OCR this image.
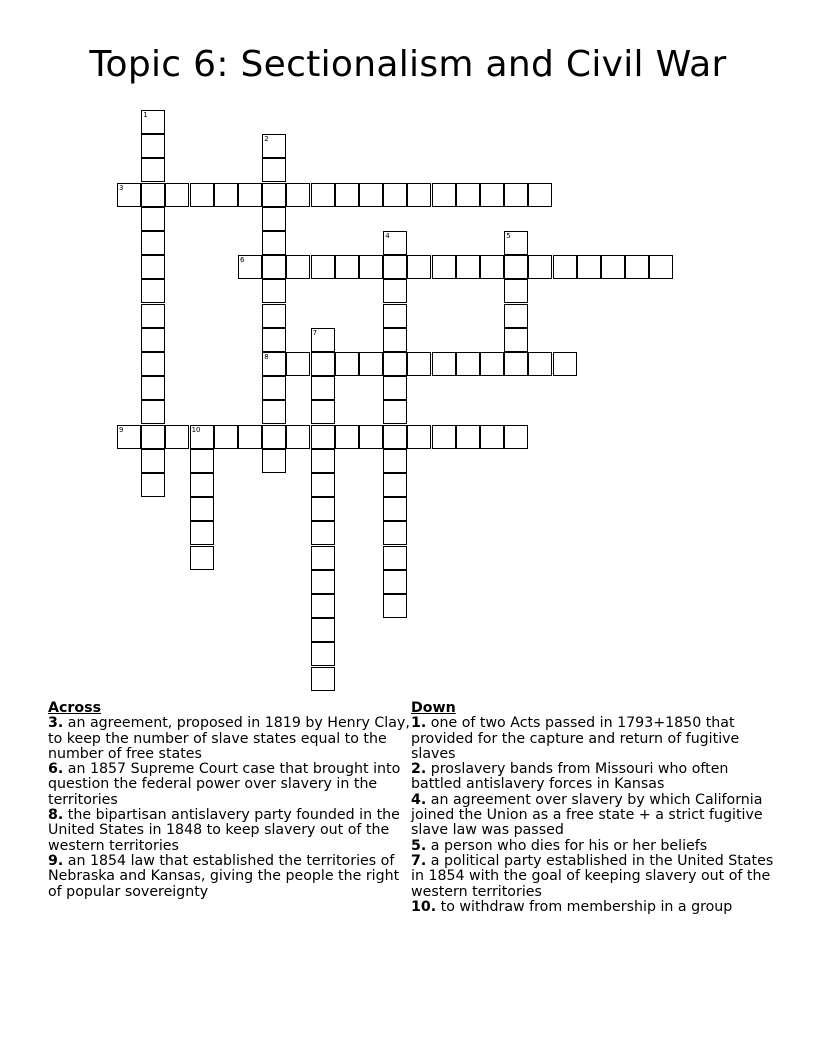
Topic 6: Sectionalism and Civil War
1
2
8
3
4	5
6
7
9	10
Across
3. an agreement, proposed in 1819 by Henry Clay, to keep the number of slave states equal to the number of free states
6. an 1857 Supreme Court case that brought into question the federal power over slavery in the territories
8. the bipartisan antislavery party founded in the United States in 1848 to keep slavery out of the western territories
9. an 1854 law that established the territories of Nebraska and Kansas, giving the people the right of popular sovereignty
Down
1. one of two Acts passed in 1793+1850 that provided for the capture and return of fugitive slaves
2. proslavery bands from Missouri who often battled antislavery forces in Kansas
4. an agreement over slavery by which California joined the Union as a free state + a strict fugitive slave law was passed
5. a person who dies for his or her beliefs
7. a political party established in the United States in 1854 with the goal of keeping slavery out of the western territories
10. to withdraw from membership in a group
